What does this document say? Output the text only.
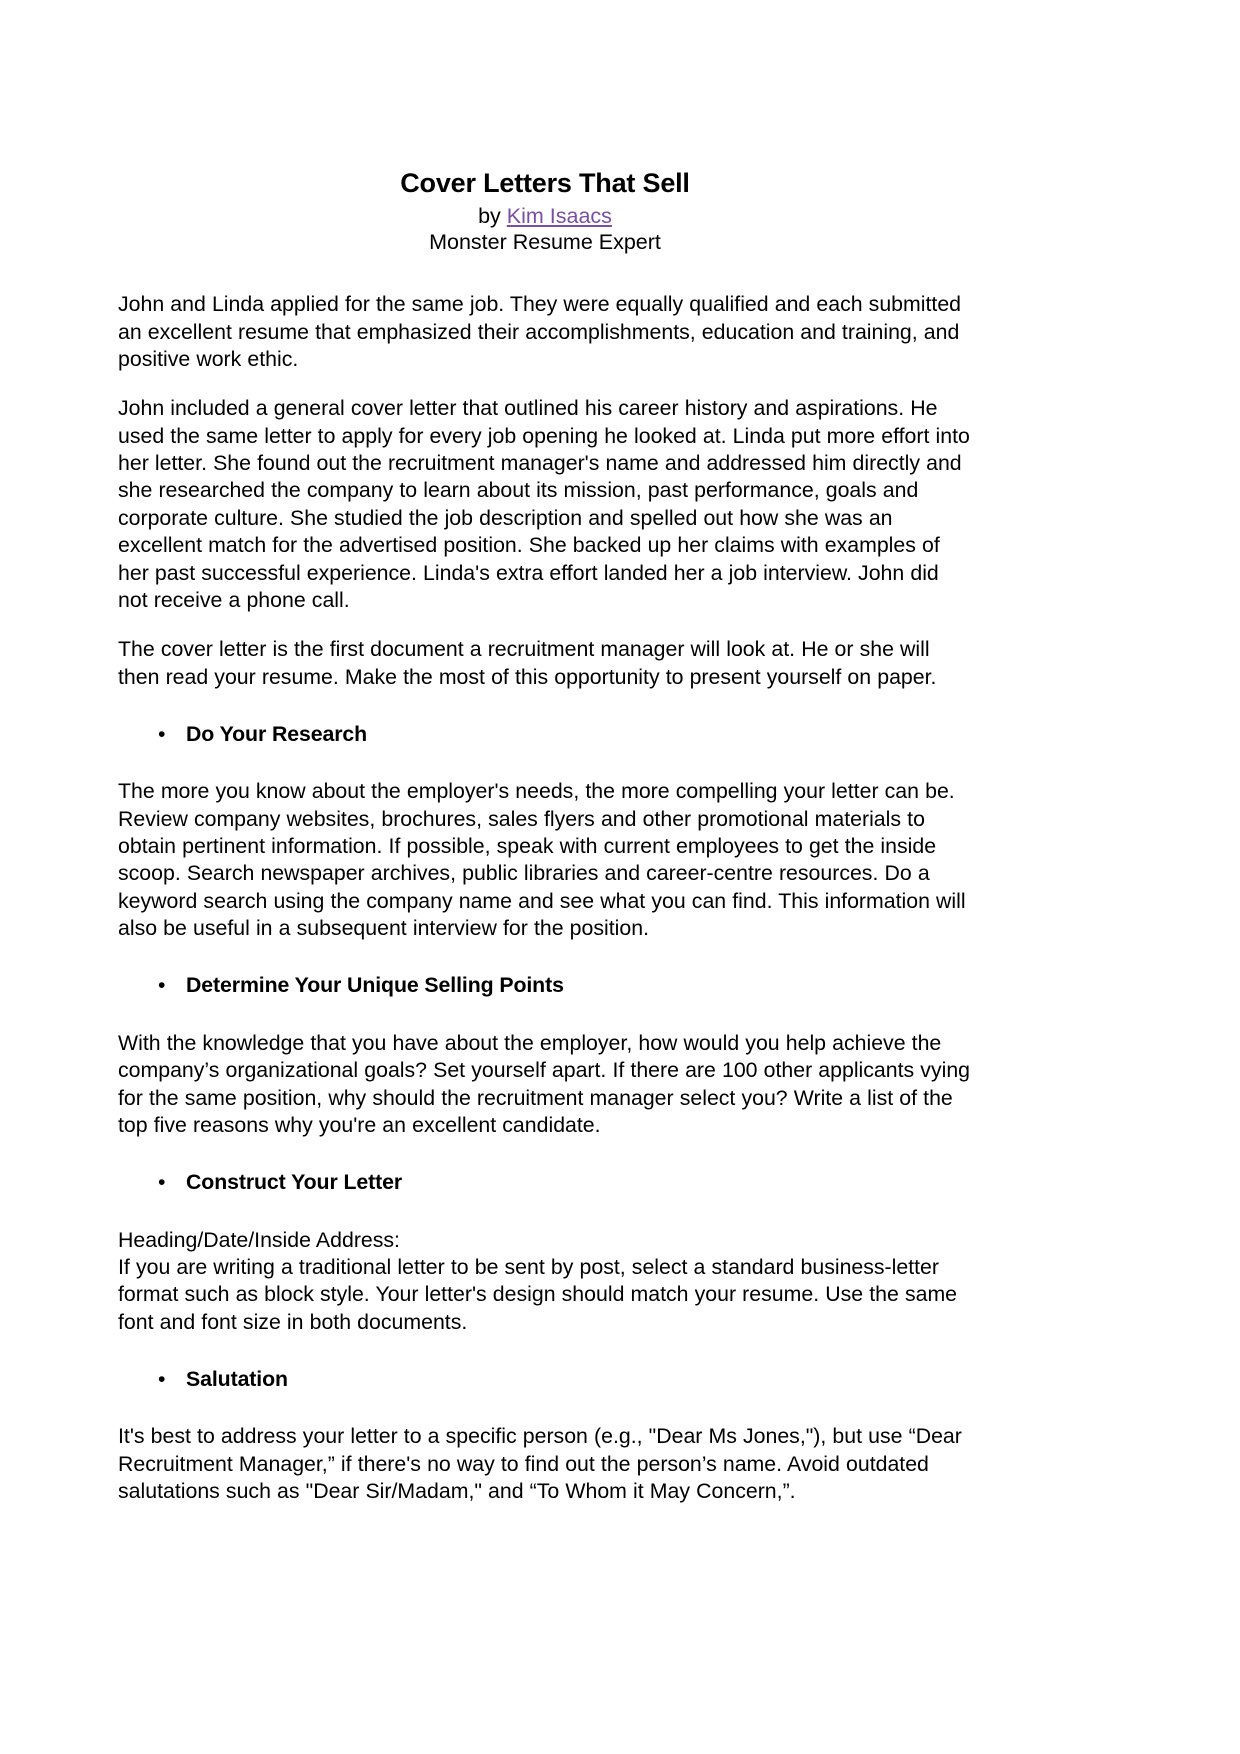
Cover Letters That Sell

by Kim Isaacs

Monster Resume Expert

John and Linda applied for the same job. They were equally qualified and each submitted an excellent resume that emphasized their accomplishments, education and training, and positive work ethic.

John included a general cover letter that outlined his career history and aspirations. He used the same letter to apply for every job opening he looked at. Linda put more effort into her letter. She found out the recruitment manager's name and addressed him directly and she researched the company to learn about its mission, past performance, goals and corporate culture. She studied the job description and spelled out how she was an excellent match for the advertised position. She backed up her claims with examples of her past successful experience. Linda's extra effort landed her a job interview. John did not receive a phone call.

The cover letter is the first document a recruitment manager will look at. He or she will then read your resume. Make the most of this opportunity to present yourself on paper.

• Do Your Research

The more you know about the employer's needs, the more compelling your letter can be. Review company websites, brochures, sales flyers and other promotional materials to obtain pertinent information. If possible, speak with current employees to get the inside scoop. Search newspaper archives, public libraries and career-centre resources. Do a keyword search using the company name and see what you can find. This information will also be useful in a subsequent interview for the position.

• Determine Your Unique Selling Points

With the knowledge that you have about the employer, how would you help achieve the company’s organizational goals? Set yourself apart. If there are 100 other applicants vying for the same position, why should the recruitment manager select you? Write a list of the top five reasons why you're an excellent candidate.

• Construct Your Letter

Heading/Date/Inside Address:

If you are writing a traditional letter to be sent by post, select a standard business-letter format such as block style. Your letter's design should match your resume. Use the same font and font size in both documents.

• Salutation

It's best to address your letter to a specific person (e.g., "Dear Ms Jones,"), but use “Dear Recruitment Manager,” if there's no way to find out the person’s name. Avoid outdated salutations such as "Dear Sir/Madam," and “To Whom it May Concern,”.
